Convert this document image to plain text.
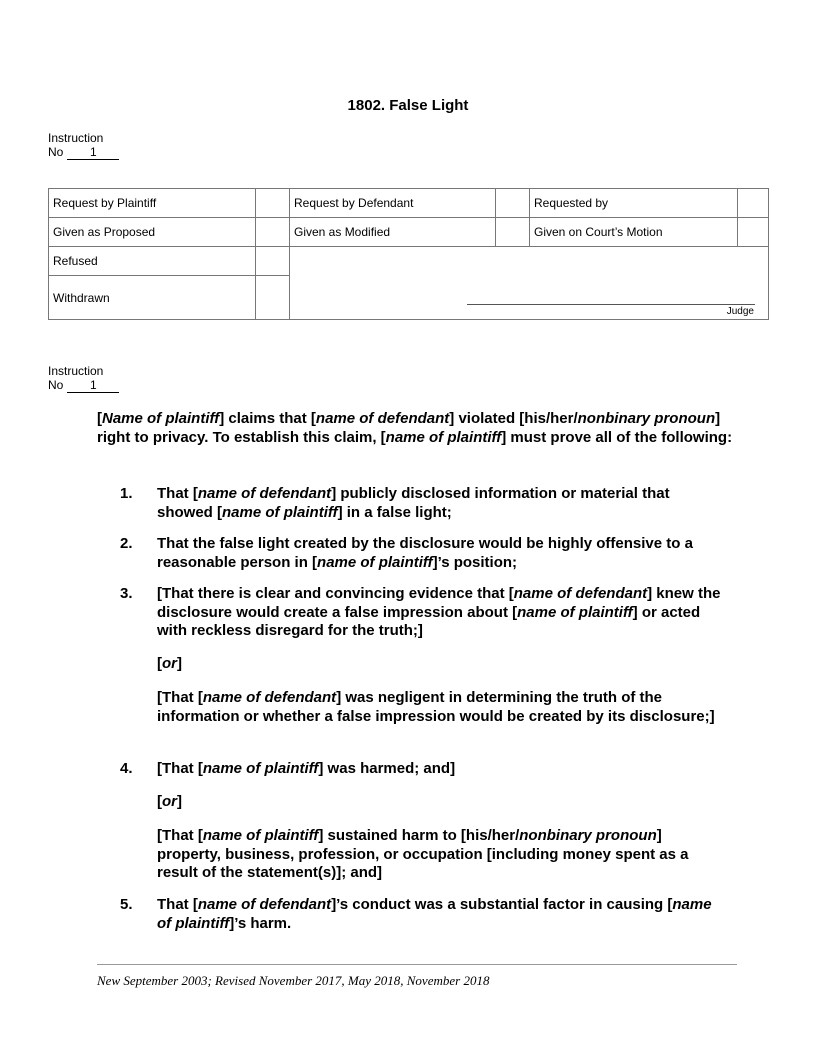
1802. False Light
Instruction
No 1
Request by Plaintiff	Request by Defendant	Requested by
Given as Proposed	Given as Modified	Given on Court’s Motion
Refused
Withdrawn
Judge
Instruction
No 1
[Name of plaintiff] claims that [name of defendant] violated [his/her/nonbinary pronoun] right to privacy. To establish this claim, [name of plaintiff] must prove all of the following:
1.	That [name of defendant] publicly disclosed information or material that showed [name of plaintiff] in a false light;
2.	That the false light created by the disclosure would be highly offensive to a reasonable person in [name of plaintiff]’s position;
3.	[That there is clear and convincing evidence that [name of defendant] knew the disclosure would create a false impression about [name of plaintiff] or acted with reckless disregard for the truth;]
[or]
[That [name of defendant] was negligent in determining the truth of the information or whether a false impression would be created by its disclosure;]
4.	[That [name of plaintiff] was harmed; and]
[or]
[That [name of plaintiff] sustained harm to [his/her/nonbinary pronoun] property, business, profession, or occupation [including money spent as a result of the statement(s)]; and]
5.	That [name of defendant]’s conduct was a substantial factor in causing [name of plaintiff]’s harm.
New September 2003; Revised November 2017, May 2018, November 2018
